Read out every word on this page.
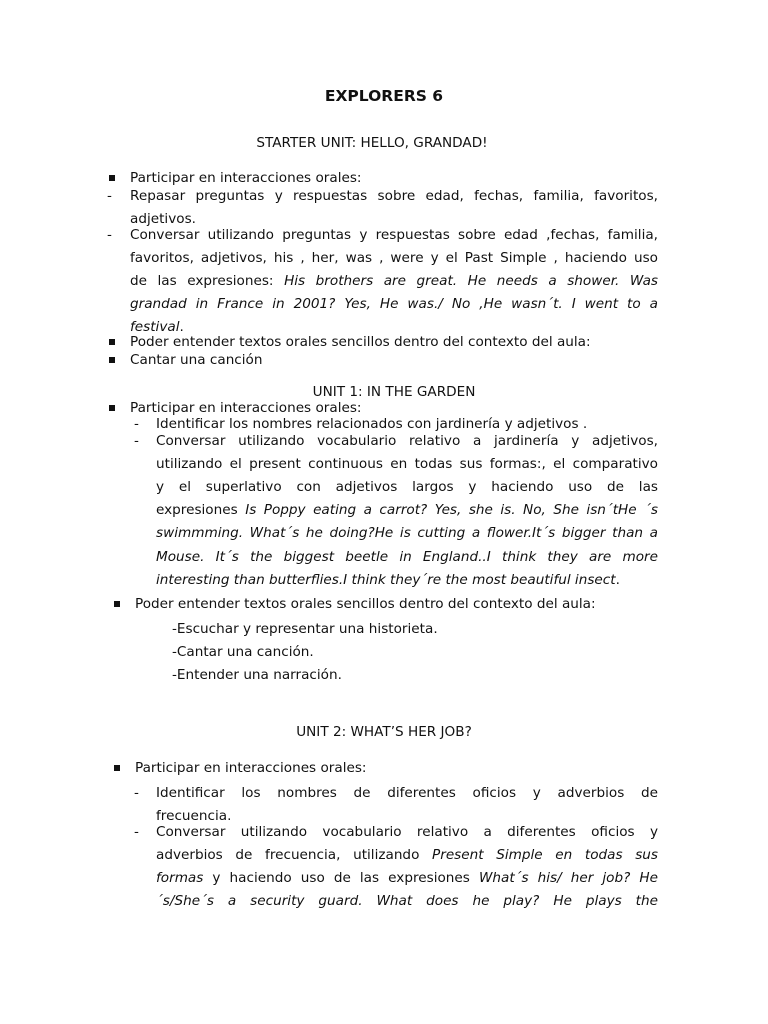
EXPLORERS 6
STARTER UNIT: HELLO, GRANDAD!
Participar en interacciones orales:
- Repasar preguntas y respuestas sobre edad, fechas, familia, favoritos,
adjetivos.
- Conversar utilizando preguntas y respuestas sobre edad ,fechas, familia,
favoritos, adjetivos, his , her, was , were y el Past Simple , haciendo uso
de las expresiones: His brothers are great. He needs a shower. Was
grandad in France in 2001? Yes, He was./ No ,He wasn´t. I went to a
festival.
Poder entender textos orales sencillos dentro del contexto del aula:
Cantar una canción
UNIT 1: IN THE GARDEN
Participar en interacciones orales:
- Identificar los nombres relacionados con jardinería y adjetivos .
- Conversar utilizando vocabulario relativo a jardinería y adjetivos,
utilizando el present continuous en todas sus formas:, el comparativo
y el superlativo con adjetivos largos y haciendo uso de las
expresiones Is Poppy eating a carrot? Yes, she is. No, She isn´tHe ´s
swimmming. What´s he doing?He is cutting a flower.It´s bigger than a
Mouse. It´s the biggest beetle in England..I think they are more
interesting than butterflies.I think they´re the most beautiful insect.
Poder entender textos orales sencillos dentro del contexto del aula:
-Escuchar y representar una historieta.
-Cantar una canción.
-Entender una narración.
UNIT 2: WHAT’S HER JOB?
Participar en interacciones orales:
- Identificar los nombres de diferentes oficios y adverbios de
frecuencia.
- Conversar utilizando vocabulario relativo a diferentes oficios y
adverbios de frecuencia, utilizando Present Simple en todas sus
formas y haciendo uso de las expresiones What´s his/ her job? He
´s/She´s a security guard. What does he play? He plays the
